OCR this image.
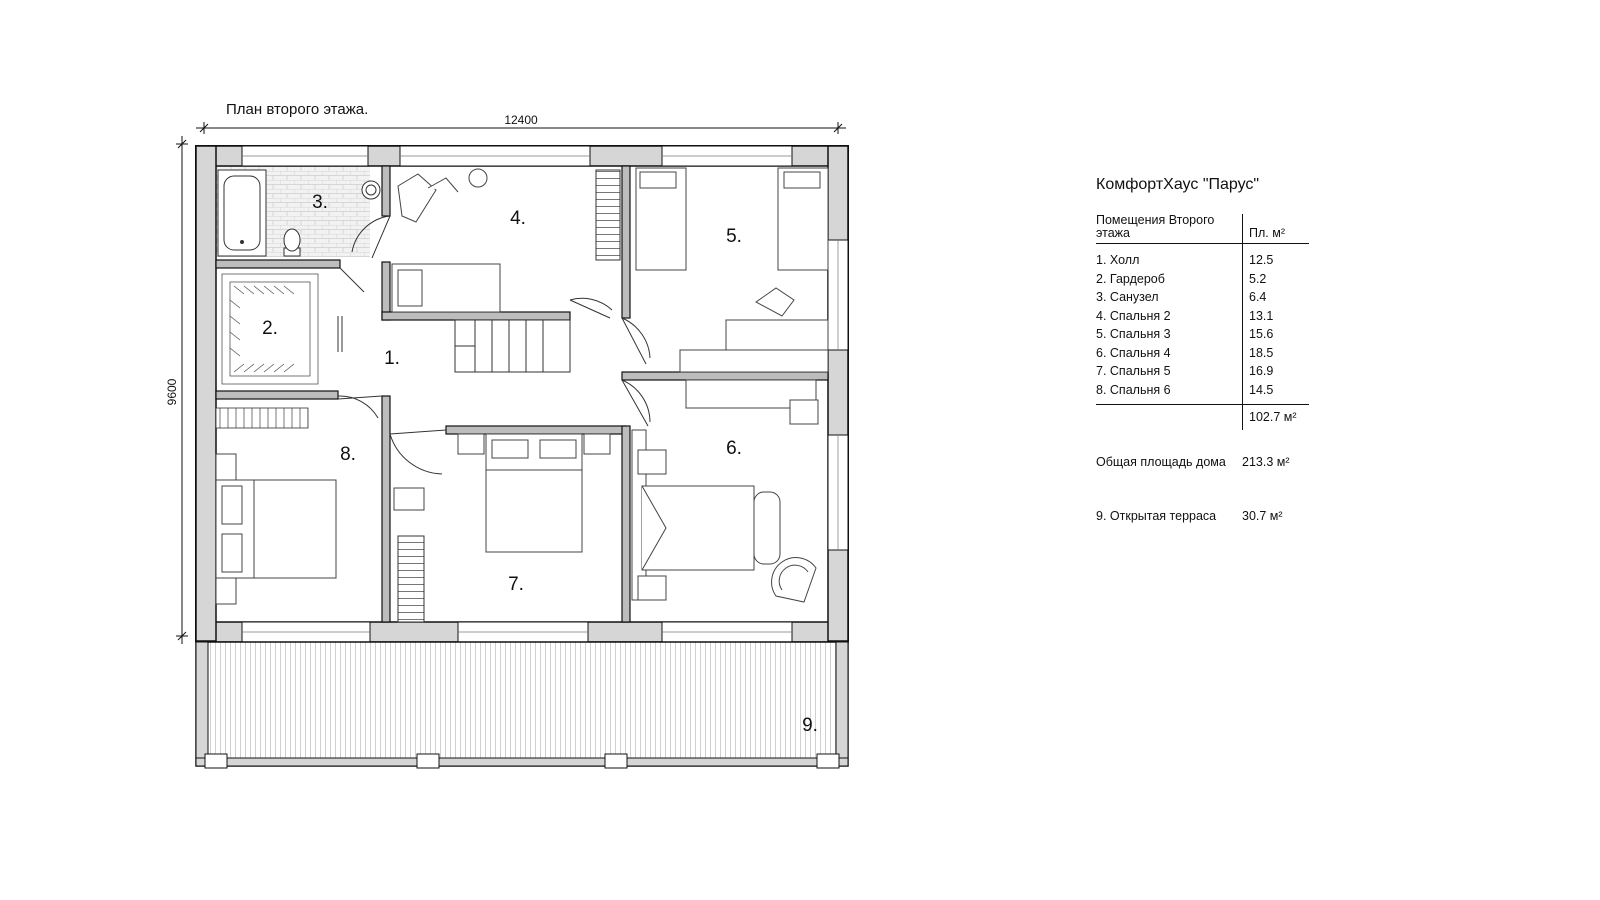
План второго этажа.
12400
9600
1.
2.
3.
4.
5.
6.
7.
8.
9.
КомфортХаус "Парус"
Помещения Второго этажа	Пл. м²

1. Холл	12.5
2. Гардероб	5.2
3. Санузел	6.4
4. Спальня 2	13.1
5. Спальня 3	15.6
6. Спальня 4	18.5
7. Спальня 5	16.9
8. Спальня 6	14.5
	102.7 м²
Общая площадь дома	213.3 м²
9. Открытая терраса	30.7 м²
